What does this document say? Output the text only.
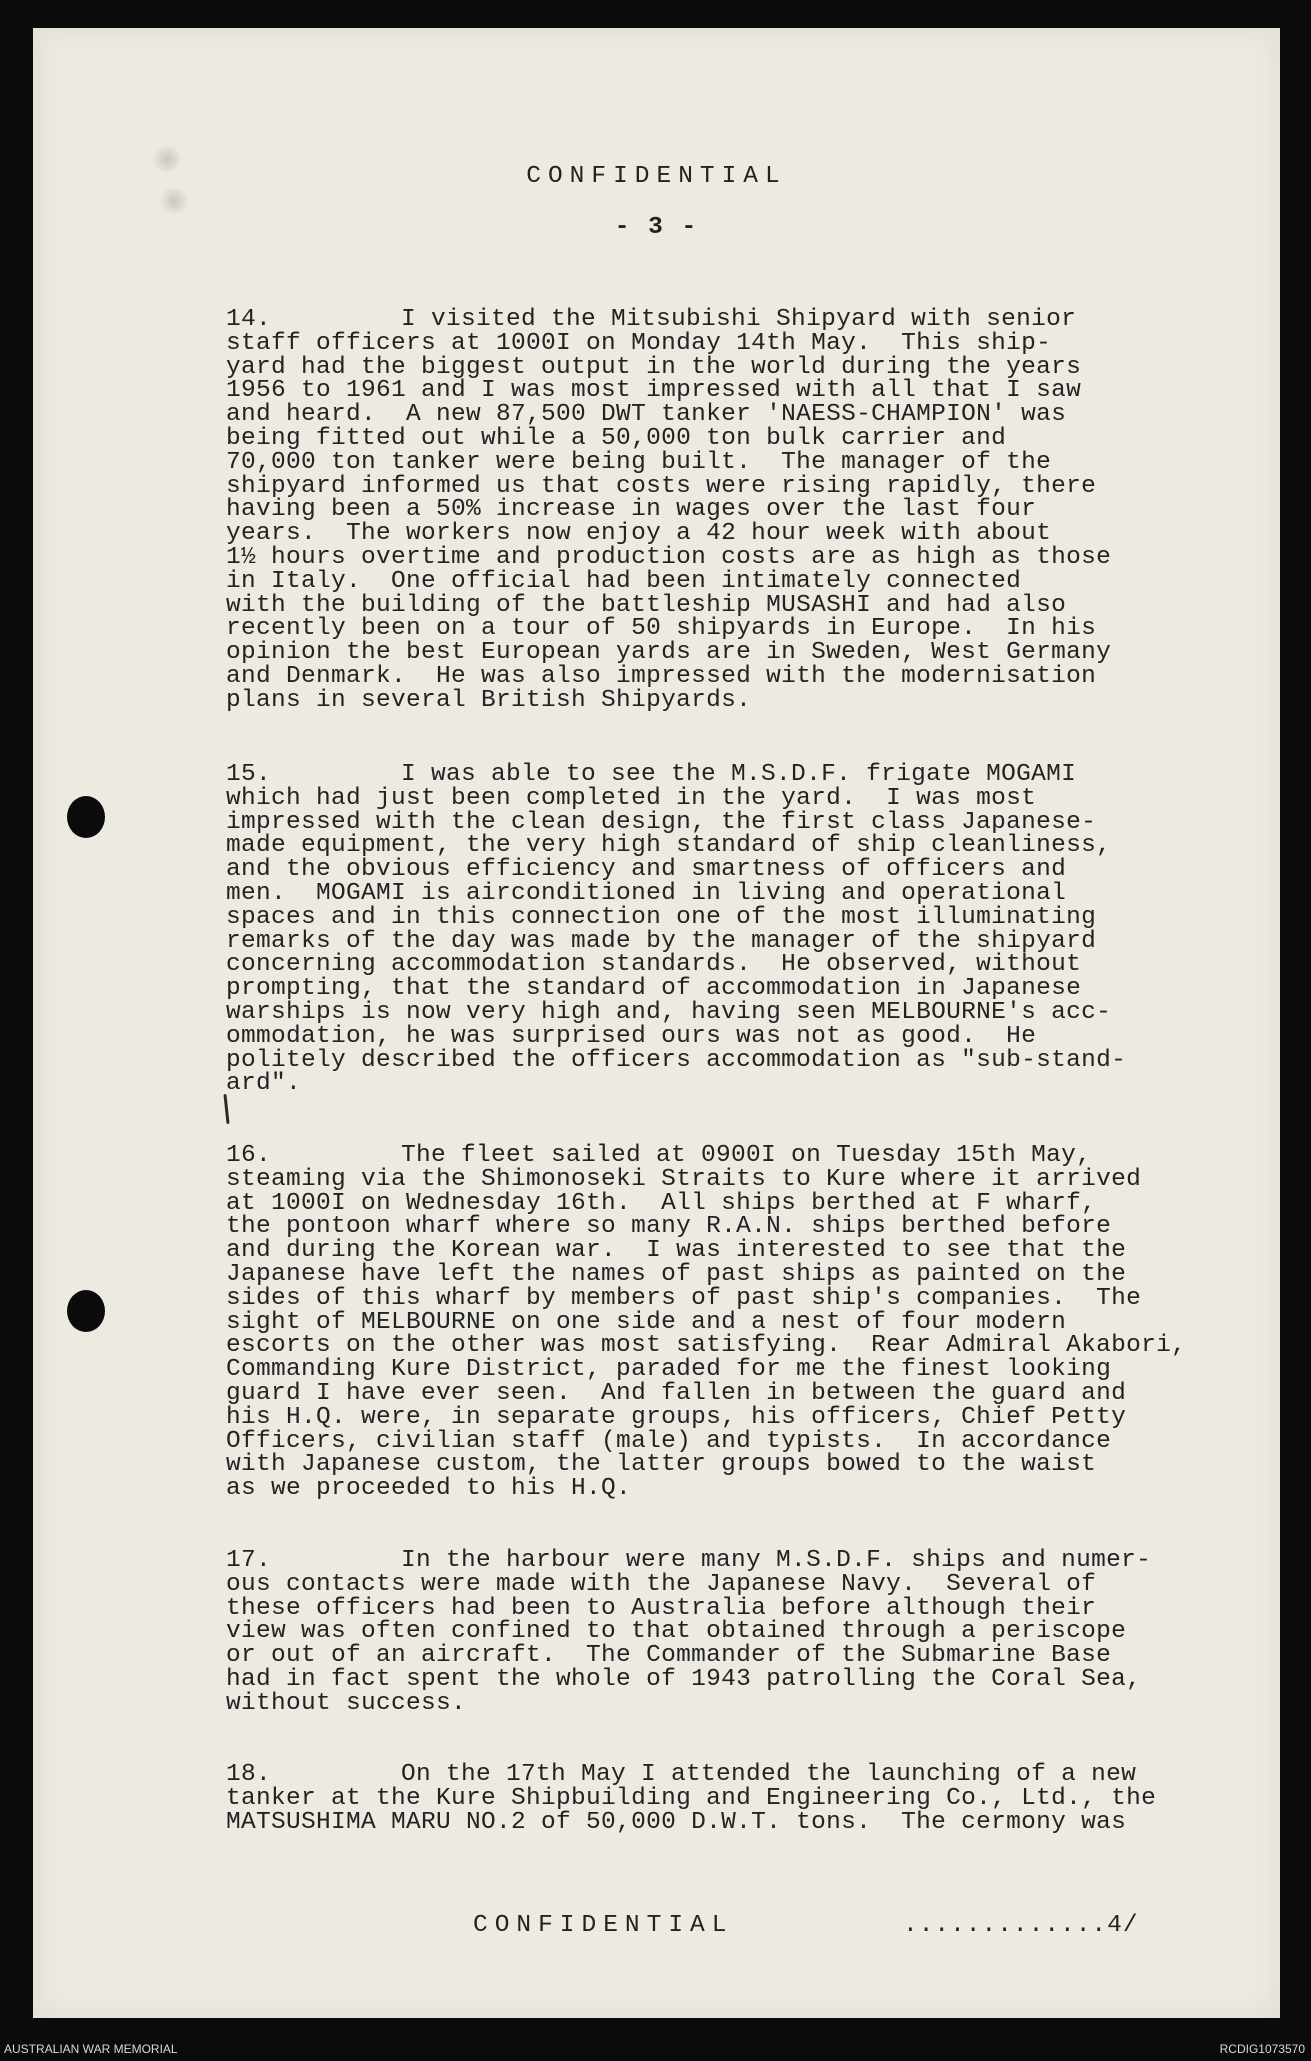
CONFIDENTIAL
- 3 -
14.	I visited the Mitsubishi Shipyard with senior
staff officers at 1000I on Monday 14th May.  This ship-
yard had the biggest output in the world during the years
1956 to 1961 and I was most impressed with all that I saw
and heard.  A new 87,500 DWT tanker 'NAESS-CHAMPION' was
being fitted out while a 50,000 ton bulk carrier and
70,000 ton tanker were being built.  The manager of the
shipyard informed us that costs were rising rapidly, there
having been a 50% increase in wages over the last four
years.  The workers now enjoy a 42 hour week with about
1½ hours overtime and production costs are as high as those
in Italy.  One official had been intimately connected
with the building of the battleship MUSASHI and had also
recently been on a tour of 50 shipyards in Europe.  In his
opinion the best European yards are in Sweden, West Germany
and Denmark.  He was also impressed with the modernisation
plans in several British Shipyards.
15.	I was able to see the M.S.D.F. frigate MOGAMI
which had just been completed in the yard.  I was most
impressed with the clean design, the first class Japanese-
made equipment, the very high standard of ship cleanliness,
and the obvious efficiency and smartness of officers and
men.  MOGAMI is airconditioned in living and operational
spaces and in this connection one of the most illuminating
remarks of the day was made by the manager of the shipyard
concerning accommodation standards.  He observed, without
prompting, that the standard of accommodation in Japanese
warships is now very high and, having seen MELBOURNE's acc-
ommodation, he was surprised ours was not as good.  He
politely described the officers accommodation as "sub-stand-
ard".
16.	The fleet sailed at 0900I on Tuesday 15th May,
steaming via the Shimonoseki Straits to Kure where it arrived
at 1000I on Wednesday 16th.  All ships berthed at F wharf,
the pontoon wharf where so many R.A.N. ships berthed before
and during the Korean war.  I was interested to see that the
Japanese have left the names of past ships as painted on the
sides of this wharf by members of past ship's companies.  The
sight of MELBOURNE on one side and a nest of four modern
escorts on the other was most satisfying.  Rear Admiral Akabori,
Commanding Kure District, paraded for me the finest looking
guard I have ever seen.  And fallen in between the guard and
his H.Q. were, in separate groups, his officers, Chief Petty
Officers, civilian staff (male) and typists.  In accordance
with Japanese custom, the latter groups bowed to the waist
as we proceeded to his H.Q.
17.	In the harbour were many M.S.D.F. ships and numer-
ous contacts were made with the Japanese Navy.  Several of
these officers had been to Australia before although their
view was often confined to that obtained through a periscope
or out of an aircraft.  The Commander of the Submarine Base
had in fact spent the whole of 1943 patrolling the Coral Sea,
without success.
18.	On the 17th May I attended the launching of a new
tanker at the Kure Shipbuilding and Engineering Co., Ltd., the
MATSUSHIMA MARU NO.2 of 50,000 D.W.T. tons.  The cermony was
CONFIDENTIAL	.............4/
AUSTRALIAN WAR MEMORIAL	RCDIG1073570
